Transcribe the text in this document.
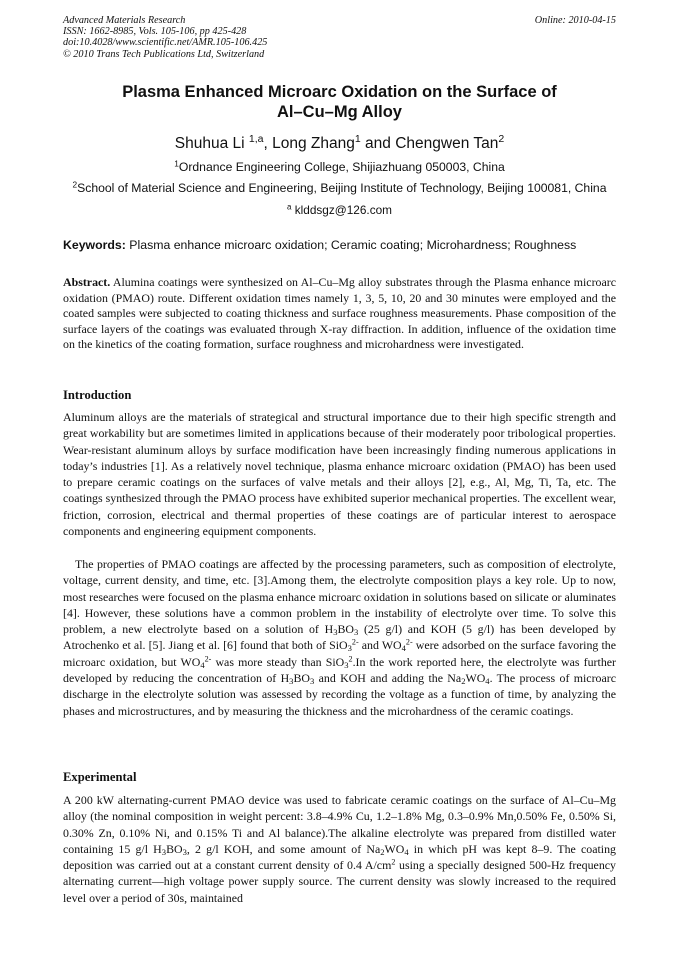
Advanced Materials Research
ISSN: 1662-8985, Vols. 105-106, pp 425-428
doi:10.4028/www.scientific.net/AMR.105-106.425
© 2010 Trans Tech Publications Ltd, Switzerland
Online: 2010-04-15
Plasma Enhanced Microarc Oxidation on the Surface of
Al–Cu–Mg Alloy
Shuhua Li $^{1,a}$, Long Zhang$^1$ and Chengwen Tan$^2$
$^1$Ordnance Engineering College, Shijiazhuang 050003, China
$^2$School of Material Science and Engineering, Beijing Institute of Technology, Beijing 100081, China
$^a$ klddsgz@126.com
Keywords: Plasma enhance microarc oxidation; Ceramic coating; Microhardness; Roughness
Abstract. Alumina coatings were synthesized on Al–Cu–Mg alloy substrates through the Plasma enhance microarc oxidation (PMAO) route. Different oxidation times namely 1, 3, 5, 10, 20 and 30 minutes were employed and the coated samples were subjected to coating thickness and surface roughness measurements. Phase composition of the surface layers of the coatings was evaluated through X-ray diffraction. In addition, influence of the oxidation time on the kinetics of the coating formation, surface roughness and microhardness were investigated.
Introduction
Aluminum alloys are the materials of strategical and structural importance due to their high specific strength and great workability but are sometimes limited in applications because of their moderately poor tribological properties. Wear-resistant aluminum alloys by surface modification have been increasingly finding numerous applications in today’s industries [1]. As a relatively novel technique, plasma enhance microarc oxidation (PMAO) has been used to prepare ceramic coatings on the surfaces of valve metals and their alloys [2], e.g., Al, Mg, Ti, Ta, etc. The coatings synthesized through the PMAO process have exhibited superior mechanical properties. The excellent wear, friction, corrosion, electrical and thermal properties of these coatings are of particular interest to aerospace components and engineering equipment components.
The properties of PMAO coatings are affected by the processing parameters, such as composition of electrolyte, voltage, current density, and time, etc. [3].Among them, the electrolyte composition plays a key role. Up to now, most researches were focused on the plasma enhance microarc oxidation in solutions based on silicate or aluminates [4]. However, these solutions have a common problem in the instability of electrolyte over time. To solve this problem, a new electrolyte based on a solution of $H_3BO_3$ (25 g/l) and KOH (5 g/l) has been developed by Atrochenko et al. [5]. Jiang et al. [6] found that both of SiO$_3^{2-}$ and $WO_4^{2-}$ were adsorbed on the surface favoring the microarc oxidation, but $WO_4^{2-}$ was more steady than SiO$_3^2$.In the work reported here, the electrolyte was further developed by reducing the concentration of $H_3BO_3$ and KOH and adding the $Na_2WO_4$. The process of microarc discharge in the electrolyte solution was assessed by recording the voltage as a function of time, by analyzing the phases and microstructures, and by measuring the thickness and the microhardness of the ceramic coatings.
Experimental
A 200 kW alternating-current PMAO device was used to fabricate ceramic coatings on the surface of Al–Cu–Mg alloy (the nominal composition in weight percent: 3.8–4.9% Cu, 1.2–1.8% Mg, 0.3–0.9% Mn,0.50% Fe, 0.50% Si, 0.30% Zn, 0.10% Ni, and 0.15% Ti and Al balance).The alkaline electrolyte was prepared from distilled water containing 15 g/l $H_3BO_3$, 2 g/l KOH, and some amount of $Na_2WO_4$ in which pH was kept 8–9. The coating deposition was carried out at a constant current density of 0.4 $A/cm^2$ using a specially designed 500-Hz frequency alternating current—high voltage power supply source. The current density was slowly increased to the required level over a period of 30s, maintained
